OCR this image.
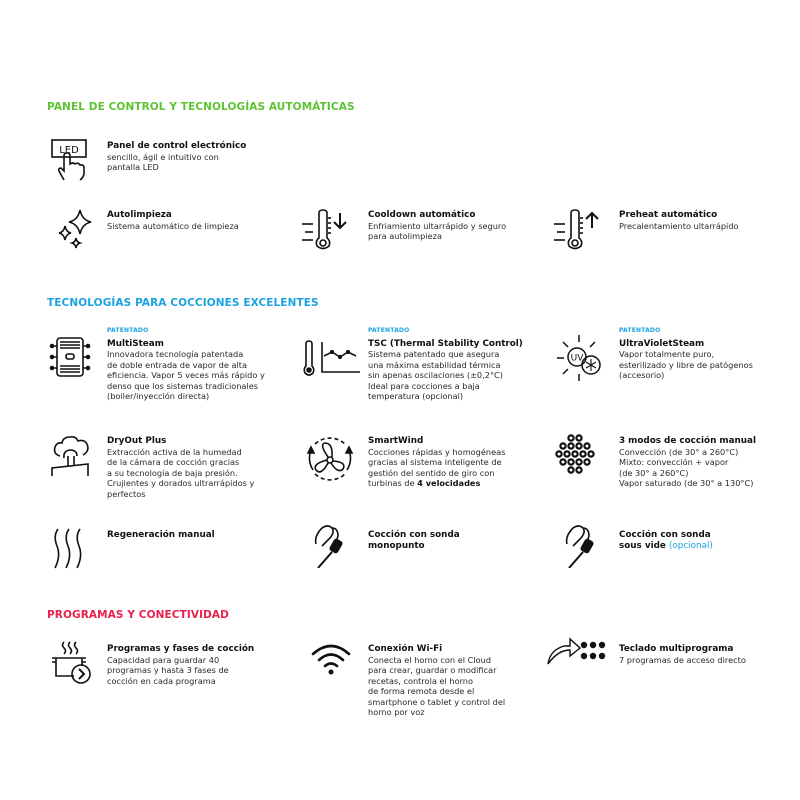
PANEL DE CONTROL Y TECNOLOGÍAS AUTOMÁTICAS
LED	Panel de control electrónico
sencillo, ágil e intuitivo con
pantalla LED
Autolimpieza
Sistema automático de limpieza
Cooldown automático
Enfriamiento ultarrápido y seguro
para autolimpieza
Preheat automático
Precalentamiento ultarrápido
TECNOLOGÍAS PARA COCCIONES EXCELENTES
PATENTADO
MultiSteam
Innovadora tecnología patentada
de doble entrada de vapor de alta
eficiencia. Vapor 5 veces más rápido y
denso que los sistemas tradicionales
(boiler/inyección directa)
PATENTADO
TSC (Thermal Stability Control)
Sistema patentado que asegura
una máxima estabilidad térmica
sin apenas oscilaciones (±0,2°C)
Ideal para cocciones a baja
temperatura (opcional)
UV
PATENTADO
UltraVioletSteam
Vapor totalmente puro,
esterilizado y libre de patógenos
(accesorio)
DryOut Plus
Extracción activa de la humedad
de la cámara de cocción gracias
a su tecnología de baja presión.
Crujientes y dorados ultrarrápidos y
perfectos
SmartWind
Cocciones rápidas y homogéneas
gracias al sistema inteligente de
gestión del sentido de giro con
turbinas de 4 velocidades
3 modos de cocción manual
Convección (de 30° a 260°C)
Mixto: convección + vapor
(de 30° a 260°C)
Vapor saturado (de 30° a 130°C)
Regeneración manual	Cocción con sonda
monopunto
Cocción con sonda
sous vide (opcional)
PROGRAMAS Y CONECTIVIDAD
Programas y fases de cocción
Capacidad para guardar 40
programas y hasta 3 fases de
cocción en cada programa
Conexión Wi-Fi
Conecta el horno con el Cloud
para crear, guardar o modificar
recetas, controla el horno
de forma remota desde el
smartphone o tablet y control del
horno por voz
Teclado multiprograma
7 programas de acceso directo
